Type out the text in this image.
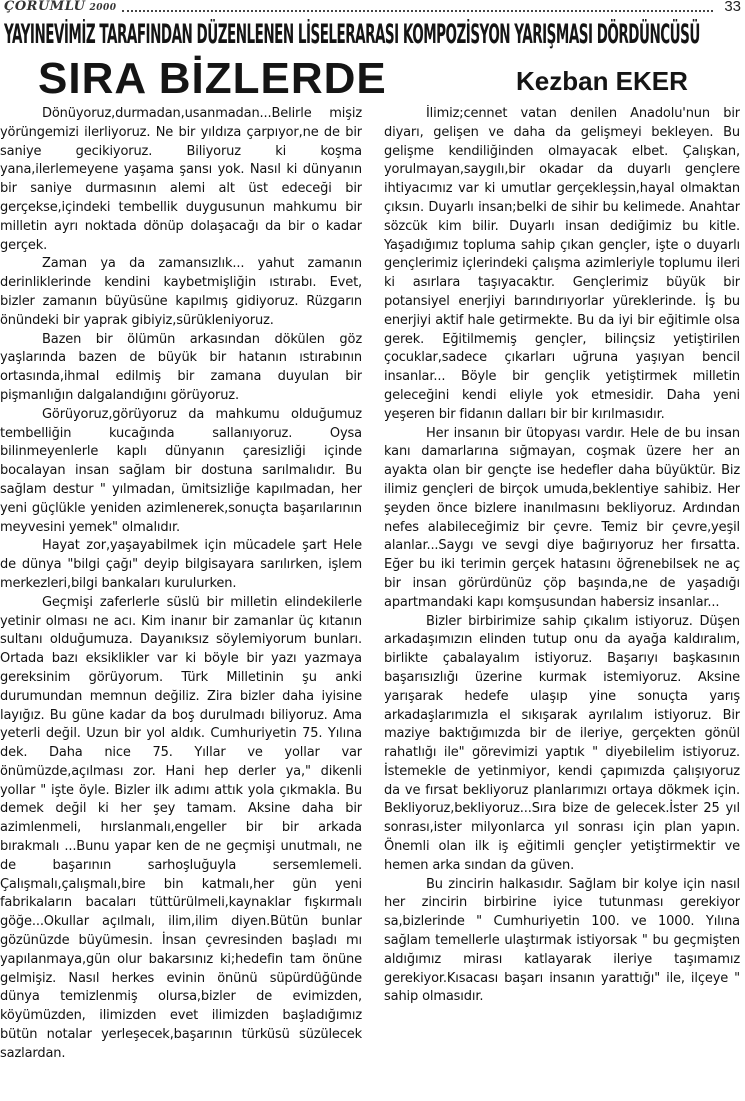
ÇORUMLU 2000	33
YAYINEVİMİZ TARAFINDAN DÜZENLENEN LİSELERARASI KOMPOZİSYON YARIŞMASI DÖRDÜNCÜSÜ
SIRA BİZLERDE	Kezban EKER

Dönüyoruz,durmadan,usanmadan...Belirle mişiz yörüngemizi ilerliyoruz. Ne bir yıldıza çarpıyor,ne de bir saniye gecikiyoruz. Biliyoruz ki koşma yana,ilerlemeyene yaşama şansı yok. Nasıl ki dünyanın bir saniye durmasının alemi alt üst edeceği bir gerçekse,içindeki tembellik duygusunun mahkumu bir milletin ayrı noktada dönüp dolaşacağı da bir o kadar gerçek.

Zaman ya da zamansızlık... yahut zamanın derinliklerinde kendini kaybetmişliğin ıstırabı. Evet, bizler zamanın büyüsüne kapılmış gidiyoruz. Rüzgarın önündeki bir yaprak gibiyiz,sürükleniyoruz.

Bazen bir ölümün arkasından dökülen göz yaşlarında bazen de büyük bir hatanın ıstırabının ortasında,ihmal edilmiş bir zamana duyulan bir pişmanlığın dalgalandığını görüyoruz.

Görüyoruz,görüyoruz da mahkumu olduğumuz tembelliğin kucağında sallanıyoruz. Oysa bilinmeyenlerle kaplı dünyanın çaresizliği içinde bocalayan insan sağlam bir dostuna sarılmalıdır. Bu sağlam destur " yılmadan, ümitsizliğe kapılmadan, her yeni güçlükle yeniden azimlenerek,sonuçta başarılarının meyvesini yemek" olmalıdır.

Hayat zor,yaşayabilmek için mücadele şart Hele de dünya "bilgi çağı" deyip bilgisayara sarılırken, işlem merkezleri,bilgi bankaları kurulurken.

Geçmişi zaferlerle süslü bir milletin elindekilerle yetinir olması ne acı. Kim inanır bir zamanlar üç kıtanın sultanı olduğumuza. Dayanıksız söylemiyorum bunları. Ortada bazı eksiklikler var ki böyle bir yazı yazmaya gereksinim görüyorum. Türk Milletinin şu anki durumundan memnun değiliz. Zira bizler daha iyisine layığız. Bu güne kadar da boş durulmadı biliyoruz. Ama yeterli değil. Uzun bir yol aldık. Cumhuriyetin 75. Yılına dek. Daha nice 75. Yıllar ve yollar var önümüzde,açılması zor. Hani hep derler ya," dikenli yollar " işte öyle. Bizler ilk adımı attık yola çıkmakla. Bu demek değil ki her şey tamam. Aksine daha bir azimlenmeli, hırslanmalı,engeller bir bir arkada bırakmalı ...Bunu yapar ken de ne geçmişi unutmalı, ne de başarının sarhoşluğuyla sersemlemeli. Çalışmalı,çalışmalı,bire bin katmalı,her gün yeni fabrikaların bacaları tüttürülmeli,kaynaklar fışkırmalı göğe...Okullar açılmalı, ilim,ilim diyen.Bütün bunlar gözünüzde büyümesin. İnsan çevresinden başladı mı yapılanmaya,gün olur bakarsınız ki;hedefin tam önüne gelmişiz. Nasıl herkes evinin önünü süpürdüğünde dünya temizlenmiş olursa,bizler de evimizden, köyümüzden, ilimizden evet ilimizden başladığımız bütün notalar yerleşecek,başarının türküsü süzülecek sazlardan.

İlimiz;cennet vatan denilen Anadolu'nun bir diyarı, gelişen ve daha da gelişmeyi bekleyen. Bu gelişme kendiliğinden olmayacak elbet. Çalışkan, yorulmayan,saygılı,bir okadar da duyarlı gençlere ihtiyacımız var ki umutlar gerçekleşsin,hayal olmaktan çıksın. Duyarlı insan;belki de sihir bu kelimede. Anahtar sözcük kim bilir. Duyarlı insan dediğimiz bu kitle. Yaşadığımız topluma sahip çıkan gençler, işte o duyarlı gençlerimiz içlerindeki çalışma azimleriyle toplumu ileri ki asırlara taşıyacaktır. Gençlerimiz büyük bir potansiyel enerjiyi barındırıyorlar yüreklerinde. İş bu enerjiyi aktif hale getirmekte. Bu da iyi bir eğitimle olsa gerek. Eğitilmemiş gençler, bilinçsiz yetiştirilen çocuklar,sadece çıkarları uğruna yaşıyan bencil insanlar... Böyle bir gençlik yetiştirmek milletin geleceğini kendi eliyle yok etmesidir. Daha yeni yeşeren bir fidanın dalları bir bir kırılmasıdır.

Her insanın bir ütopyası vardır. Hele de bu insan kanı damarlarına sığmayan, coşmak üzere her an ayakta olan bir gençte ise hedefler daha büyüktür. Biz ilimiz gençleri de birçok umuda,beklentiye sahibiz. Her şeyden önce bizlere inanılmasını bekliyoruz. Ardından nefes alabileceğimiz bir çevre. Temiz bir çevre,yeşil alanlar...Saygı ve sevgi diye bağırıyoruz her fırsatta. Eğer bu iki terimin gerçek hatasını öğrenebilsek ne aç bir insan görürdünüz çöp başında,ne de yaşadığı apartmandaki kapı komşusundan habersiz insanlar...

Bizler birbirimize sahip çıkalım istiyoruz. Düşen arkadaşımızın elinden tutup onu da ayağa kaldıralım, birlikte çabalayalım istiyoruz. Başarıyı başkasının başarısızlığı üzerine kurmak istemiyoruz. Aksine yarışarak hedefe ulaşıp yine sonuçta yarış arkadaşlarımızla el sıkışarak ayrılalım istiyoruz. Bir maziye baktığımızda bir de ileriye, gerçekten gönül rahatlığı ile" görevimizi yaptık " diyebilelim istiyoruz. İstemekle de yetinmiyor, kendi çapımızda çalışıyoruz da ve fırsat bekliyoruz planlarımızı ortaya dökmek için. Bekliyoruz,bekliyoruz...Sıra bize de gelecek.İster 25 yıl sonrası,ister milyonlarca yıl sonrası için plan yapın. Önemli olan ilk iş eğitimli gençler yetiştirmektir ve hemen arka sından da güven.

Bu zincirin halkasıdır. Sağlam bir kolye için nasıl her zincirin birbirine iyice tutunması gerekiyor sa,bizlerinde " Cumhuriyetin 100. ve 1000. Yılına sağlam temellerle ulaştırmak istiyorsak " bu geçmişten aldığımız mirası katlayarak ileriye taşımamız gerekiyor.Kısacası başarı insanın yarattığı" ile, ilçeye " sahip olmasıdır.
